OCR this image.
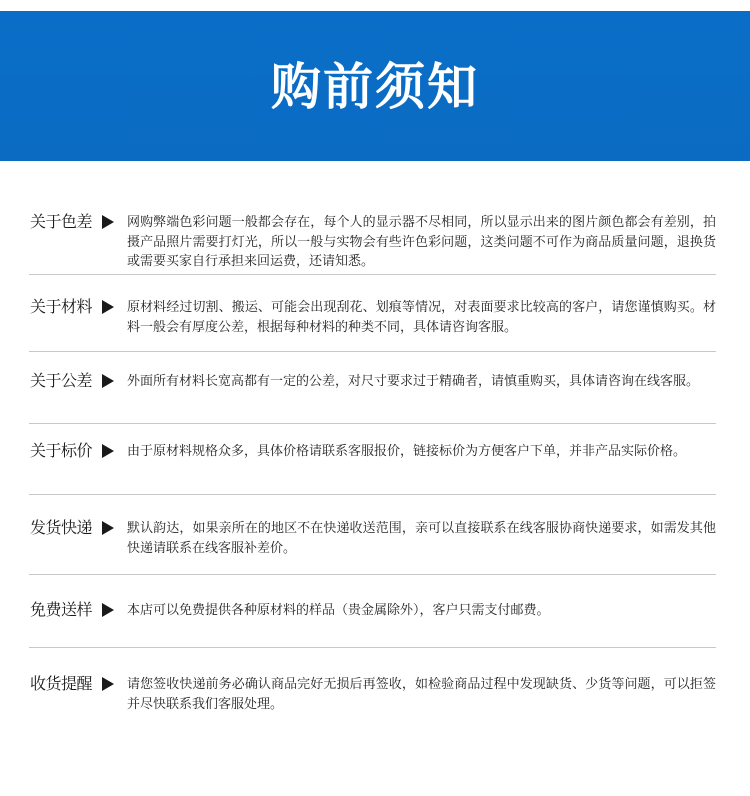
购前须知
关于色差	网购弊端色彩问题一般都会存在，每个人的显示器不尽相同，所以显示出来的图片颜色都会有差别，拍摄产品照片需要打灯光，所以一般与实物会有些许色彩问题，这类问题不可作为商品质量问题，退换货或需要买家自行承担来回运费，还请知悉。
关于材料	原材料经过切割、搬运、可能会出现刮花、划痕等情况，对表面要求比较高的客户，请您谨慎购买。材料一般会有厚度公差，根据每种材料的种类不同，具体请咨询客服。
关于公差	外面所有材料长宽高都有一定的公差，对尺寸要求过于精确者，请慎重购买，具体请咨询在线客服。
关于标价	由于原材料规格众多，具体价格请联系客服报价，链接标价为方便客户下单，并非产品实际价格。
发货快递	默认韵达，如果亲所在的地区不在快递收送范围，亲可以直接联系在线客服协商快递要求，如需发其他快递请联系在线客服补差价。
免费送样	本店可以免费提供各种原材料的样品（贵金属除外），客户只需支付邮费。
收货提醒	请您签收快递前务必确认商品完好无损后再签收，如检验商品过程中发现缺货、少货等问题，可以拒签并尽快联系我们客服处理。
